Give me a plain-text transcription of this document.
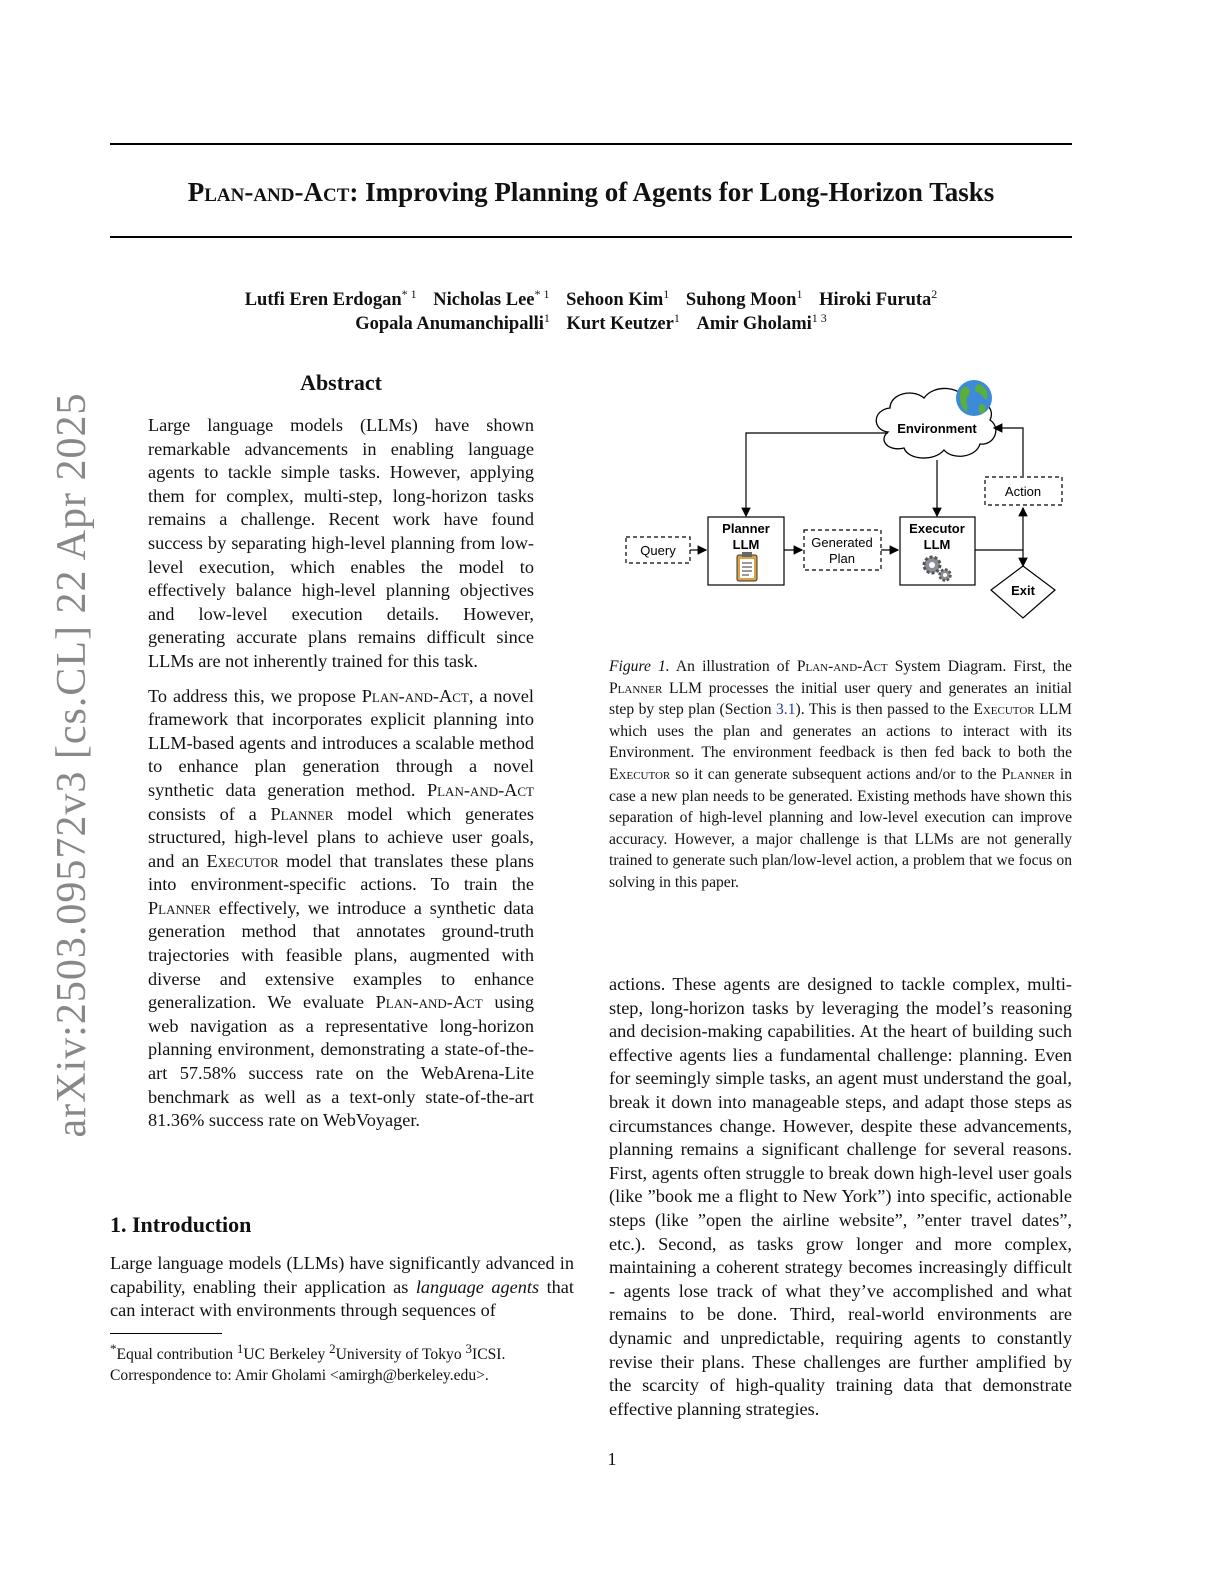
arXiv:2503.09572v3 [cs.CL] 22 Apr 2025
Plan-and-Act: Improving Planning of Agents for Long-Horizon Tasks
Lutfi Eren Erdogan$^{* 1}$ Nicholas Lee$^{* 1}$ Sehoon Kim$^1$ Suhong Moon$^1$ Hiroki Furuta$^2$
Gopala Anumanchipalli$^1$ Kurt Keutzer$^1$ Amir Gholami$^{1 3}$
Abstract

Large language models (LLMs) have shown remarkable advancements in enabling language agents to tackle simple tasks. However, applying them for complex, multi-step, long-horizon tasks remains a challenge. Recent work have found success by separating high-level planning from low-level execution, which enables the model to effectively balance high-level planning objectives and low-level execution details. However, generating accurate plans remains difficult since LLMs are not inherently trained for this task.

To address this, we propose Plan-and-Act, a novel framework that incorporates explicit planning into LLM-based agents and introduces a scalable method to enhance plan generation through a novel synthetic data generation method. Plan-and-Act consists of a Planner model which generates structured, high-level plans to achieve user goals, and an Executor model that translates these plans into environment-specific actions. To train the Planner effectively, we introduce a synthetic data generation method that annotates ground-truth trajectories with feasible plans, augmented with diverse and extensive examples to enhance generalization. We evaluate Plan-and-Act using web navigation as a representative long-horizon planning environment, demonstrating a state-of-the-art 57.58% success rate on the WebArena-Lite benchmark as well as a text-only state-of-the-art 81.36% success rate on WebVoyager.

1. Introduction

Large language models (LLMs) have significantly advanced in capability, enabling their application as language agents that can interact with environments through sequences of

*Equal contribution $^1$UC Berkeley $^2$University of Tokyo $^3$ICSI.
Correspondence to: Amir Gholami <amirgh@berkeley.edu>.
Environment
Query
Planner
LLM	Generated
Plan
Executor
LLM
Action
Exit
Figure 1. An illustration of Plan-and-Act System Diagram. First, the Planner LLM processes the initial user query and generates an initial step by step plan (Section 3.1). This is then passed to the Executor LLM which uses the plan and generates an actions to interact with its Environment. The environment feedback is then fed back to both the Executor so it can generate subsequent actions and/or to the Planner in case a new plan needs to be generated. Existing methods have shown this separation of high-level planning and low-level execution can improve accuracy. However, a major challenge is that LLMs are not generally trained to generate such plan/low-level action, a problem that we focus on solving in this paper.
actions. These agents are designed to tackle complex, multi-step, long-horizon tasks by leveraging the model’s reasoning and decision-making capabilities. At the heart of building such effective agents lies a fundamental challenge: planning. Even for seemingly simple tasks, an agent must understand the goal, break it down into manageable steps, and adapt those steps as circumstances change. However, despite these advancements, planning remains a significant challenge for several reasons. First, agents often struggle to break down high-level user goals (like ”book me a flight to New York”) into specific, actionable steps (like ”open the airline website”, ”enter travel dates”, etc.). Second, as tasks grow longer and more complex, maintaining a coherent strategy becomes increasingly difficult - agents lose track of what they’ve accomplished and what remains to be done. Third, real-world environments are dynamic and unpredictable, requiring agents to constantly revise their plans. These challenges are further amplified by the scarcity of high-quality training data that demonstrate effective planning strategies.
1
